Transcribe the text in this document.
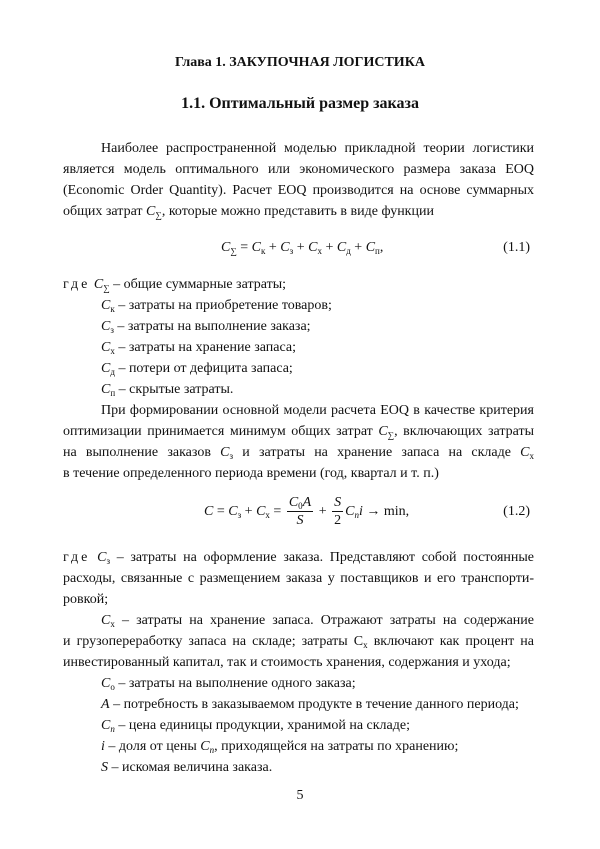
Глава 1. ЗАКУПОЧНАЯ ЛОГИСТИКА
1.1. Оптимальный размер заказа
Наиболее распространенной моделью прикладной теории логистики
является модель оптимального или экономического размера заказа EOQ
(Economic Order Quantity). Расчет EOQ производится на основе суммарных
общих затрат $C_\sum$, которые можно представить в виде функции
$C_\sum = C_к + C_з + C_х + C_д + C_п$,	(1.1)
где $C_\sum$ – общие суммарные затраты;
$C_к$ – затраты на приобретение товаров;
$C_з$ – затраты на выполнение заказа;
$C_х$ – затраты на хранение запаса;
$C_д$ – потери от дефицита запаса;
$C_п$ – скрытые затраты.
При формировании основной модели расчета EOQ в качестве критерия
оптимизации принимается минимум общих затрат $C_\sum$, включающих затраты
на выполнение заказов $C_з$ и затраты на хранение запаса на складе $C_х$
в течение определенного периода времени (год, квартал и т. п.)
$C = C_з + C_х = \frac{C_0A}{S} + \frac{S}{2} C_ni \to \min$,	(1.2)
где $C_з$ – затраты на оформление заказа. Представляют собой постоянные
расходы, связанные с размещением заказа у поставщиков и его транспорти-
ровкой;
$C_х$ – затраты на хранение запаса. Отражают затраты на содержание
и грузопереработку запаса на складе; затраты $C_х$ включают как процент на
инвестированный капитал, так и стоимость хранения, содержания и ухода;
$C_о$ – затраты на выполнение одного заказа;
A – потребность в заказываемом продукте в течение данного периода;
$C_n$ – цена единицы продукции, хранимой на складе;
i – доля от цены $C_n$, приходящейся на затраты по хранению;
S – искомая величина заказа.
5
